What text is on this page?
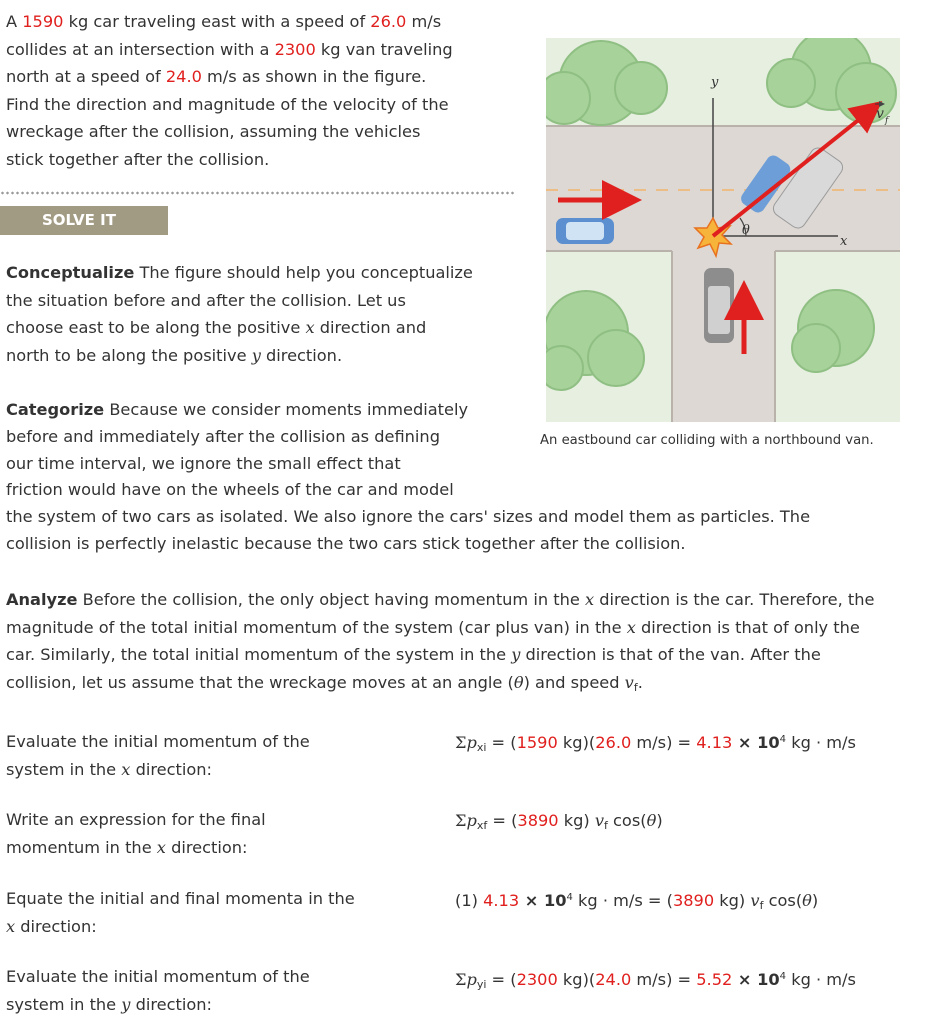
A 1590 kg car traveling east with a speed of 26.0 m/s
collides at an intersection with a 2300 kg van traveling
north at a speed of 24.0 m/s as shown in the figure.
Find the direction and magnitude of the velocity of the
wreckage after the collision, assuming the vehicles
stick together after the collision.
SOLVE IT
Conceptualize The figure should help you conceptualize
the situation before and after the collision. Let us
choose east to be along the positive x direction and
north to be along the positive y direction.
Categorize Because we consider moments immediately
before and immediately after the collision as defining
our time interval, we ignore the small effect that
friction would have on the wheels of the car and model
the system of two cars as isolated. We also ignore the cars' sizes and model them as particles. The
collision is perfectly inelastic because the two cars stick together after the collision.
Analyze Before the collision, the only object having momentum in the x direction is the car. Therefore, the
magnitude of the total initial momentum of the system (car plus van) in the x direction is that of only the
car. Similarly, the total initial momentum of the system in the y direction is that of the van. After the
collision, let us assume that the wreckage moves at an angle (θ) and speed $v_f$.
Evaluate the initial momentum of the
system in the x direction:
Write an expression for the final
momentum in the x direction:
Equate the initial and final momenta in the
x direction:
Evaluate the initial momentum of the
system in the y direction:
$\Sigma p_{xi} = (1590$ kg)(26.0 $m/s) = 4.13 \times 10^4$ kg · m/s
$\Sigma p_{xf} = (3890$ kg) $v_f$ cos(θ)
(1) $4.13 \times 10^4$ kg · m/s = (3890 kg) $v_f$ cos(θ)
$\Sigma p_{yi} = (2300$ kg)(24.0 $m/s) = 5.52 \times 10^4$ kg · m/s
y
x
θ
v f
An eastbound car colliding with a northbound van.
